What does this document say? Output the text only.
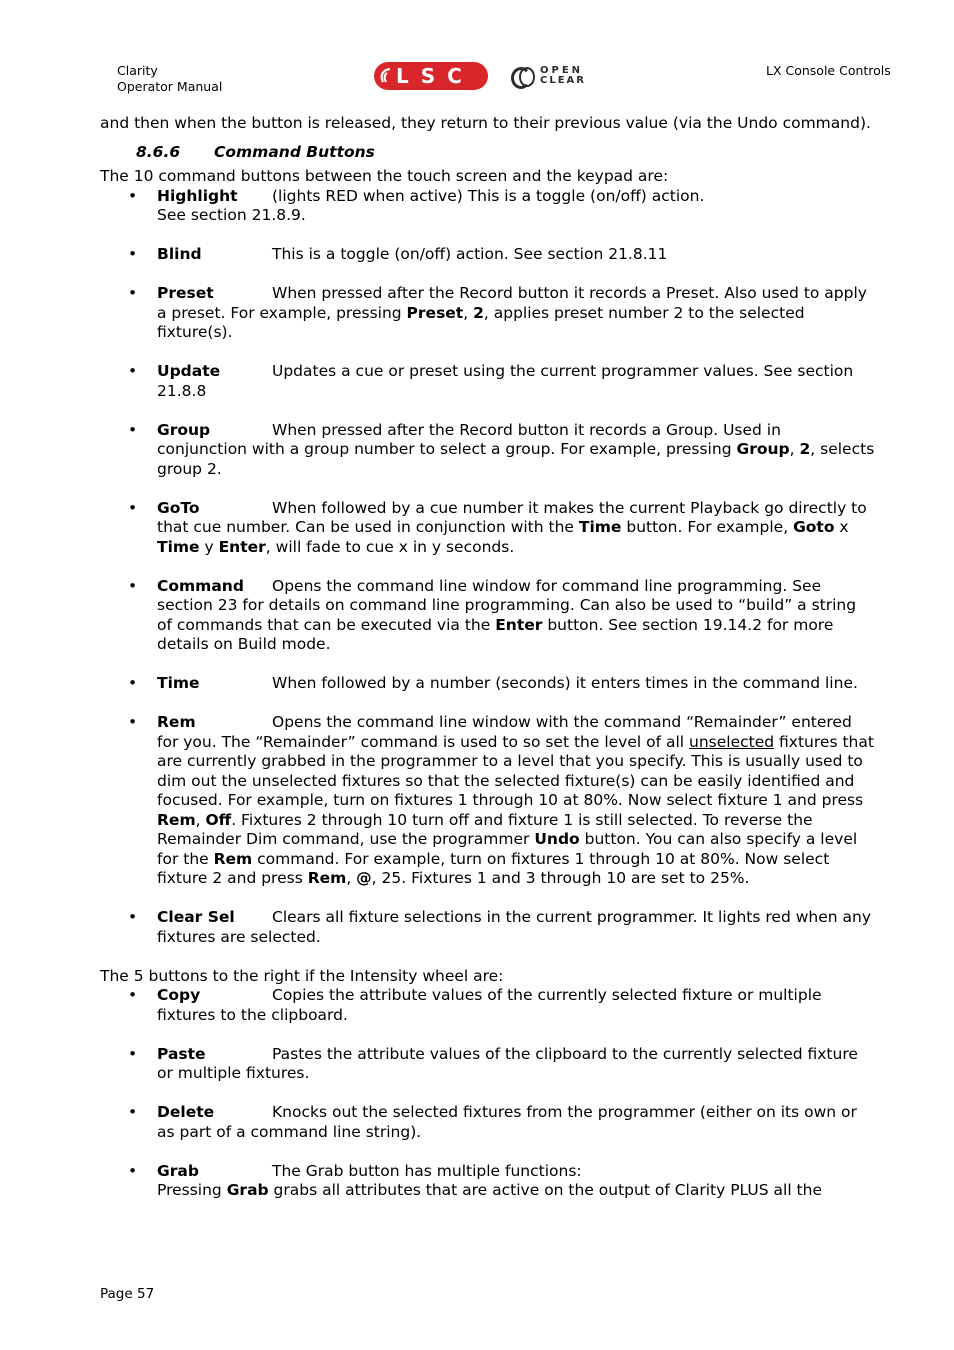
Clarity
Operator Manual	LSC	OPEN
CLEAR
LX Console Controls

and then when the button is released, they return to their previous value (via the Undo command).

8.6.6 Command Buttons

The 10 command buttons between the touch screen and the keypad are:

• Highlight (lights RED when active) This is a toggle (on/off) action.
See section 21.8.9.
• Blind	This is a toggle (on/off) action. See section 21.8.11
• Preset	When pressed after the Record button it records a Preset. Also used to apply a preset. For example, pressing Preset, 2, applies preset number 2 to the selected fixture(s).
• Update	Updates a cue or preset using the current programmer values. See section 21.8.8
• Group	When pressed after the Record button it records a Group. Used in conjunction with a group number to select a group. For example, pressing Group, 2, selects group 2.
• GoTo	When followed by a cue number it makes the current Playback go directly to that cue number. Can be used in conjunction with the Time button. For example, Goto x Time y Enter, will fade to cue x in y seconds.
• Command Opens the command line window for command line programming. See section 23 for details on command line programming. Can also be used to “build” a string of commands that can be executed via the Enter button. See section 19.14.2 for more details on Build mode.
• Time	When followed by a number (seconds) it enters times in the command line.
• Rem	Opens the command line window with the command “Remainder” entered for you. The “Remainder” command is used to so set the level of all unselected fixtures that are currently grabbed in the programmer to a level that you specify. This is usually used to dim out the unselected fixtures so that the selected fixture(s) can be easily identified and focused. For example, turn on fixtures 1 through 10 at 80%. Now select fixture 1 and press Rem, Off. Fixtures 2 through 10 turn off and fixture 1 is still selected. To reverse the Remainder Dim command, use the programmer Undo button. You can also specify a level for the Rem command. For example, turn on fixtures 1 through 10 at 80%. Now select fixture 2 and press Rem, @, 25. Fixtures 1 and 3 through 10 are set to 25%.
• Clear Sel Clears all fixture selections in the current programmer. It lights red when any fixtures are selected.

The 5 buttons to the right if the Intensity wheel are:

• Copy	Copies the attribute values of the currently selected fixture or multiple fixtures to the clipboard.
• Paste	Pastes the attribute values of the clipboard to the currently selected fixture or multiple fixtures.
• Delete	Knocks out the selected fixtures from the programmer (either on its own or as part of a command line string).
• Grab	The Grab button has multiple functions:
Pressing Grab grabs all attributes that are active on the output of Clarity PLUS all the
Page 57
